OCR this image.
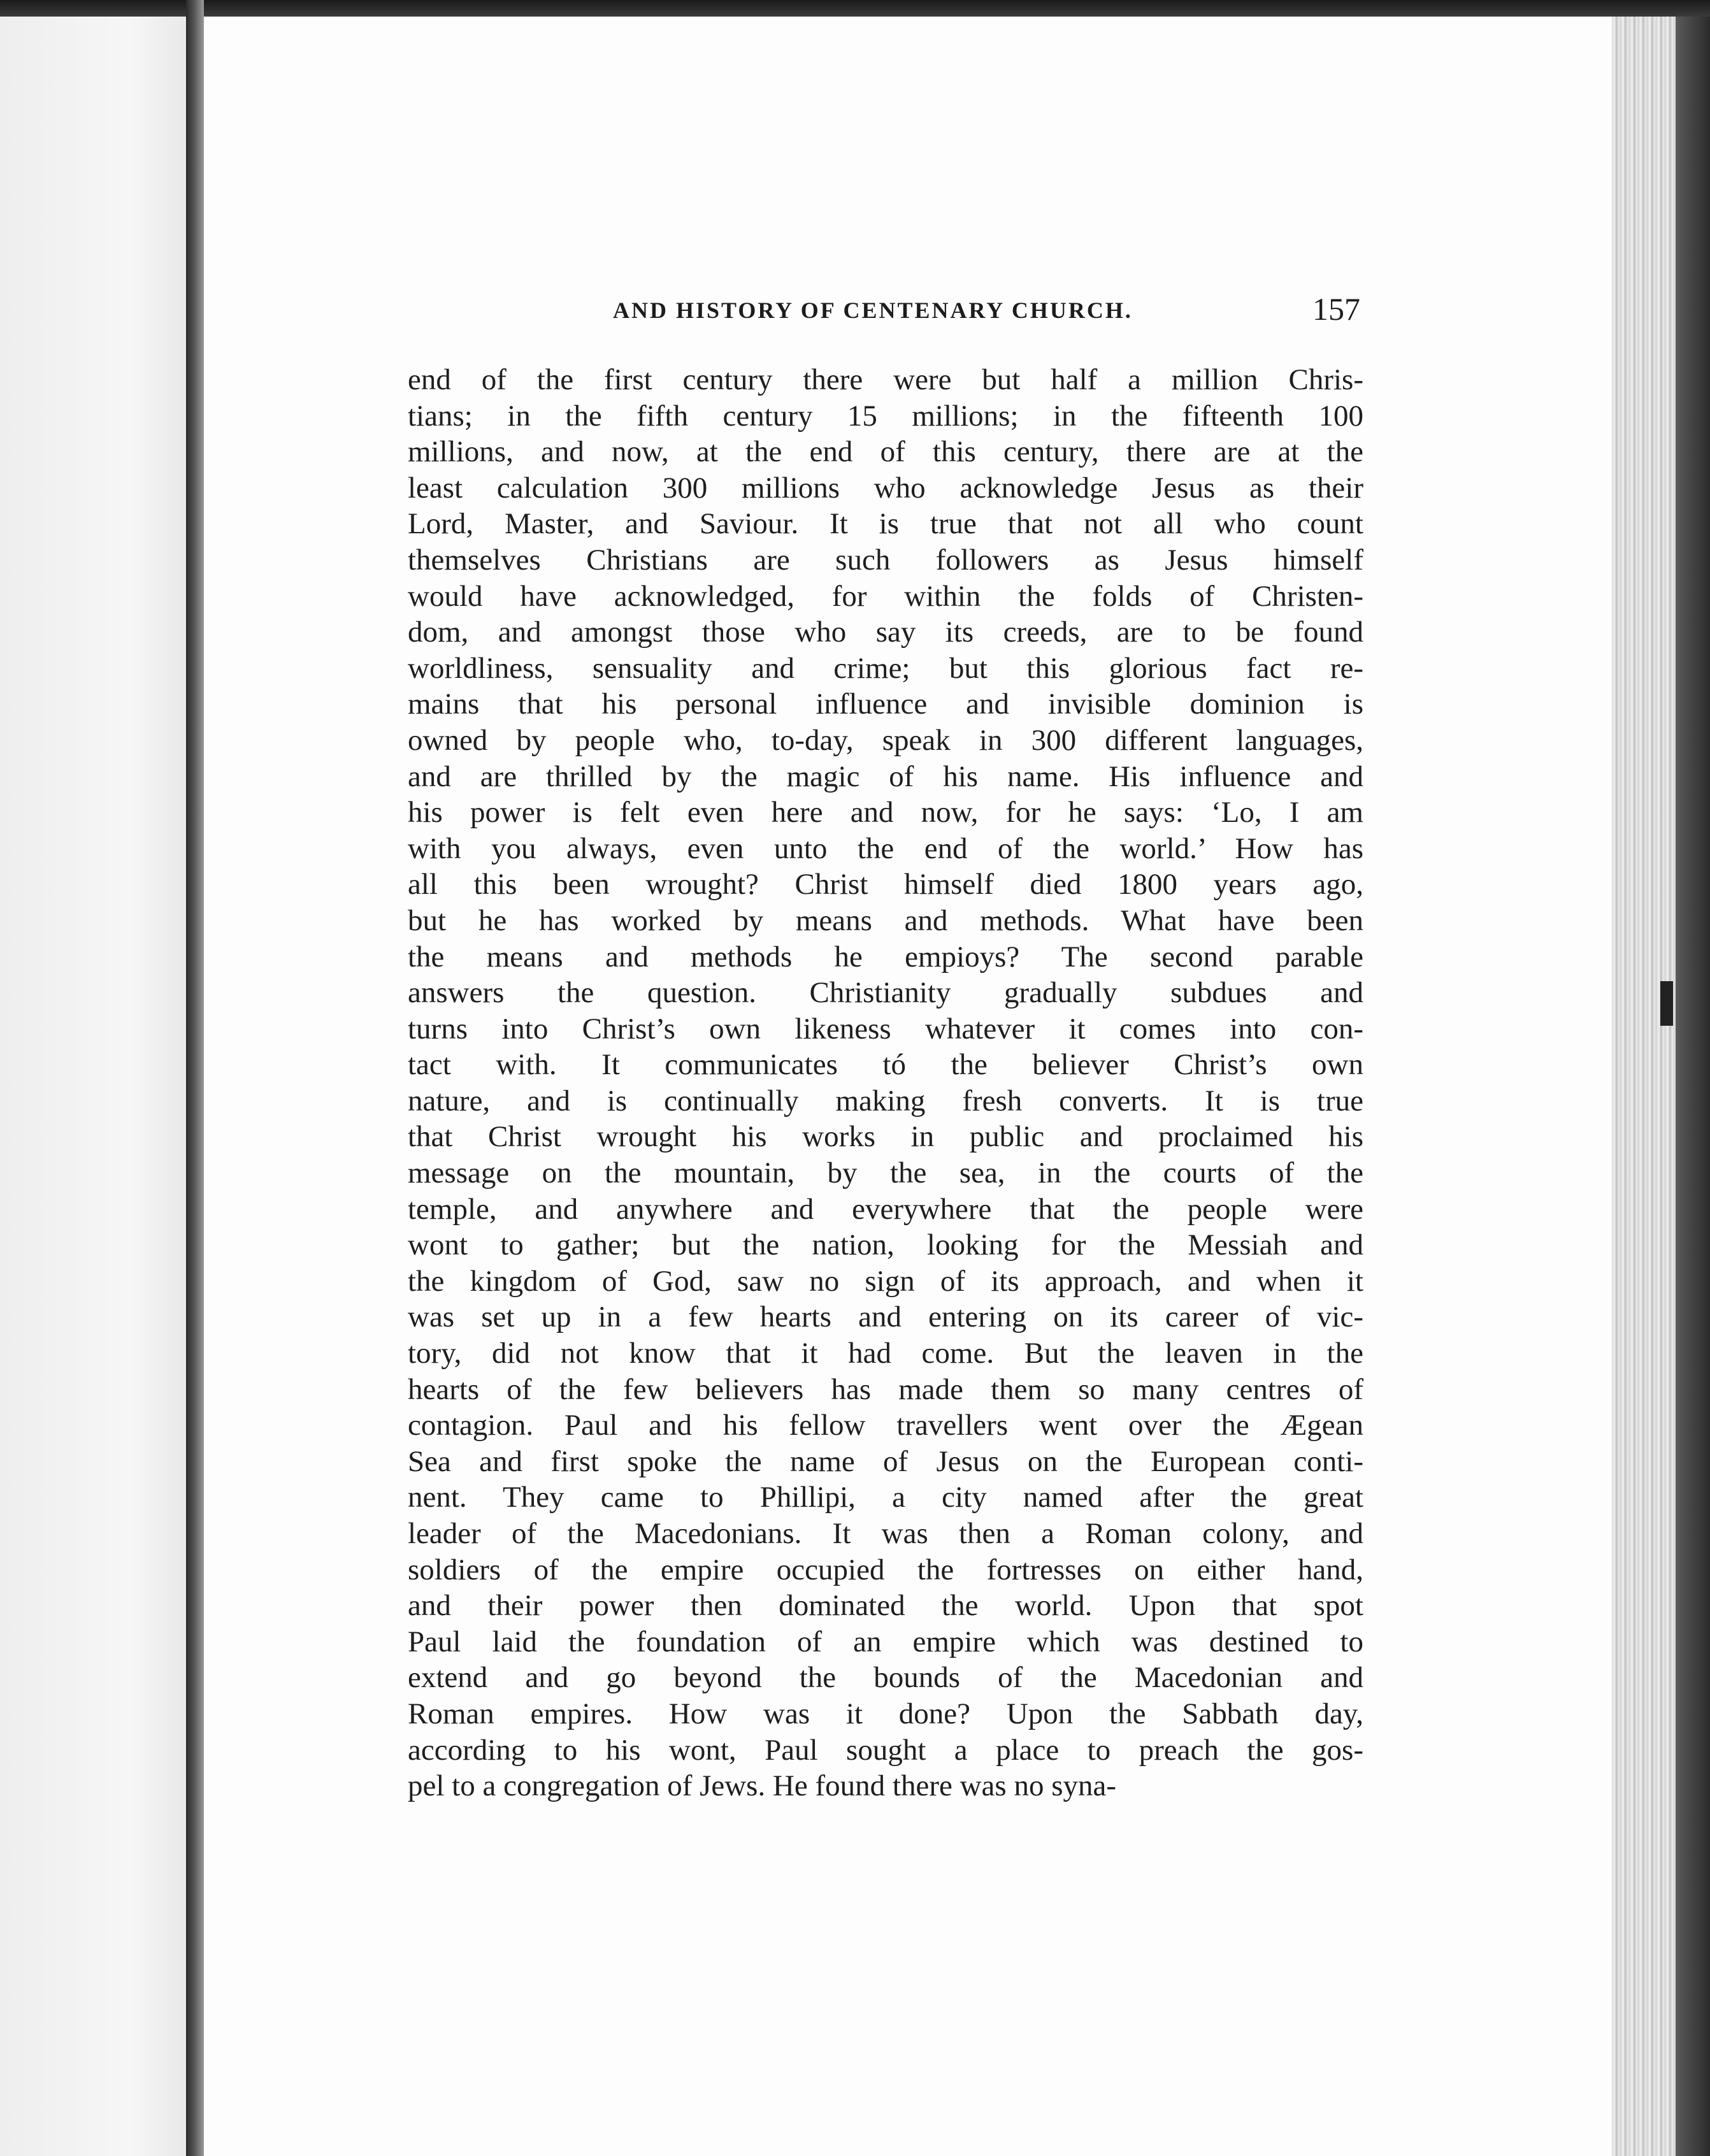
AND HISTORY OF CENTENARY CHURCH.	157
end of the first century there were but half a million Chris-
tians; in the fifth century 15 millions; in the fifteenth 100
millions, and now, at the end of this century, there are at the
least calculation 300 millions who acknowledge Jesus as their
Lord, Master, and Saviour. It is true that not all who count
themselves Christians are such followers as Jesus himself
would have acknowledged, for within the folds of Christen-
dom, and amongst those who say its creeds, are to be found
worldliness, sensuality and crime; but this glorious fact re-
mains that his personal influence and invisible dominion is
owned by people who, to-day, speak in 300 different languages,
and are thrilled by the magic of his name. His influence and
his power is felt even here and now, for he says: ‘Lo, I am
with you always, even unto the end of the world.’ How has
all this been wrought? Christ himself died 1800 years ago,
but he has worked by means and methods. What have been
the means and methods he empioys? The second parable
answers the question. Christianity gradually subdues and
turns into Christ’s own likeness whatever it comes into con-
tact with. It communicates tó the believer Christ’s own
nature, and is continually making fresh converts. It is true
that Christ wrought his works in public and proclaimed his
message on the mountain, by the sea, in the courts of the
temple, and anywhere and everywhere that the people were
wont to gather; but the nation, looking for the Messiah and
the kingdom of God, saw no sign of its approach, and when it
was set up in a few hearts and entering on its career of vic-
tory, did not know that it had come. But the leaven in the
hearts of the few believers has made them so many centres of
contagion. Paul and his fellow travellers went over the Ægean
Sea and first spoke the name of Jesus on the European conti-
nent. They came to Phillipi, a city named after the great
leader of the Macedonians. It was then a Roman colony, and
soldiers of the empire occupied the fortresses on either hand,
and their power then dominated the world. Upon that spot
Paul laid the foundation of an empire which was destined to
extend and go beyond the bounds of the Macedonian and
Roman empires. How was it done? Upon the Sabbath day,
according to his wont, Paul sought a place to preach the gos-
pel to a congregation of Jews. He found there was no syna-
